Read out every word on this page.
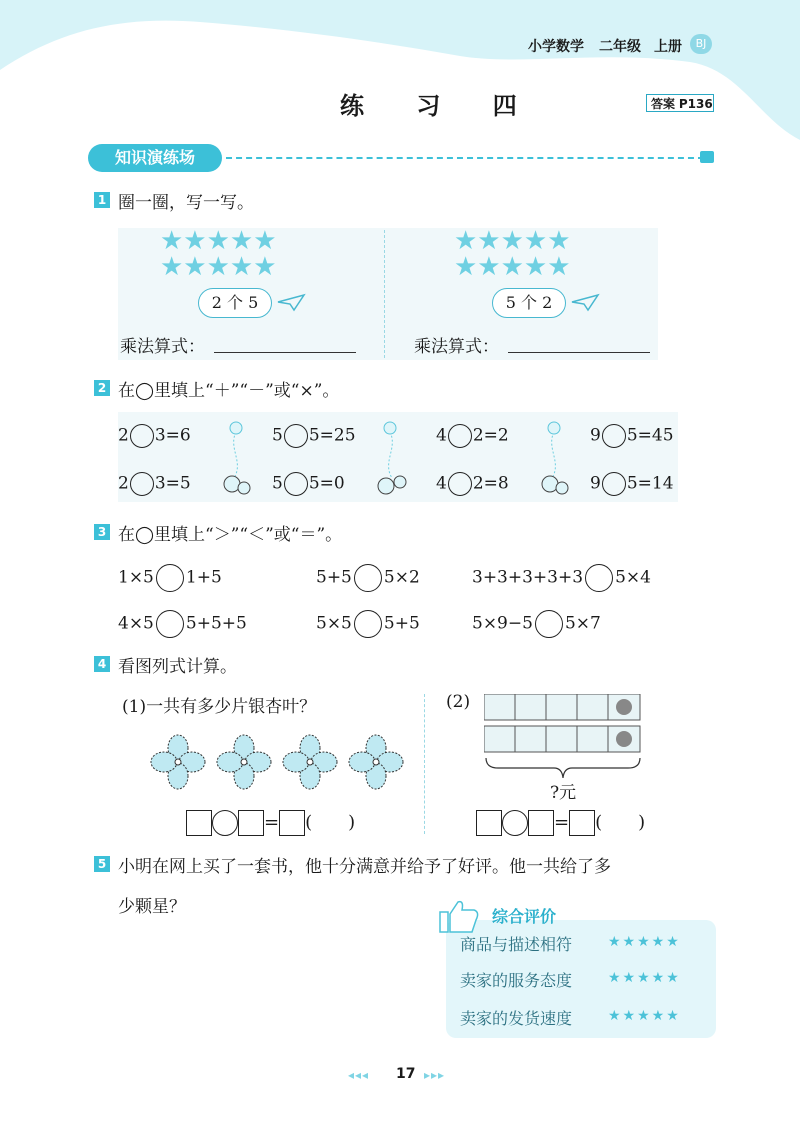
小学数学 二年级 上册	BJ
练 习 四	答案 P136
知识演练场
1 圈一圈，写一写。
★★★★★
★★★★★
★★★★★
★★★★★
2 个 5	5 个 2
乘法算式：	乘法算式：
2 在◯里填上“＋”“－”或“×”。
2 3=6	5 5=25	4 2=2	9 5=45
2 3=5	5 5=0	4 2=8	9 5=14
3 在◯里填上“＞”“＜”或“＝”。
1×5 1+5	5+5 5×2	3+3+3+3+3 5×4
4×5 5+5+5	5×5 5+5	5×9−5 5×7
4 看图列式计算。
(1)一共有多少片银杏叶？	(2)
?元
= (　　)	= (　　)
5 小明在网上买了一套书，他十分满意并给予了好评。他一共给了多
少颗星？	综合评价
商品与描述相符	★★★★★
卖家的服务态度	★★★★★
卖家的发货速度	★★★★★
◂◂◂ 17 ▸▸▸
